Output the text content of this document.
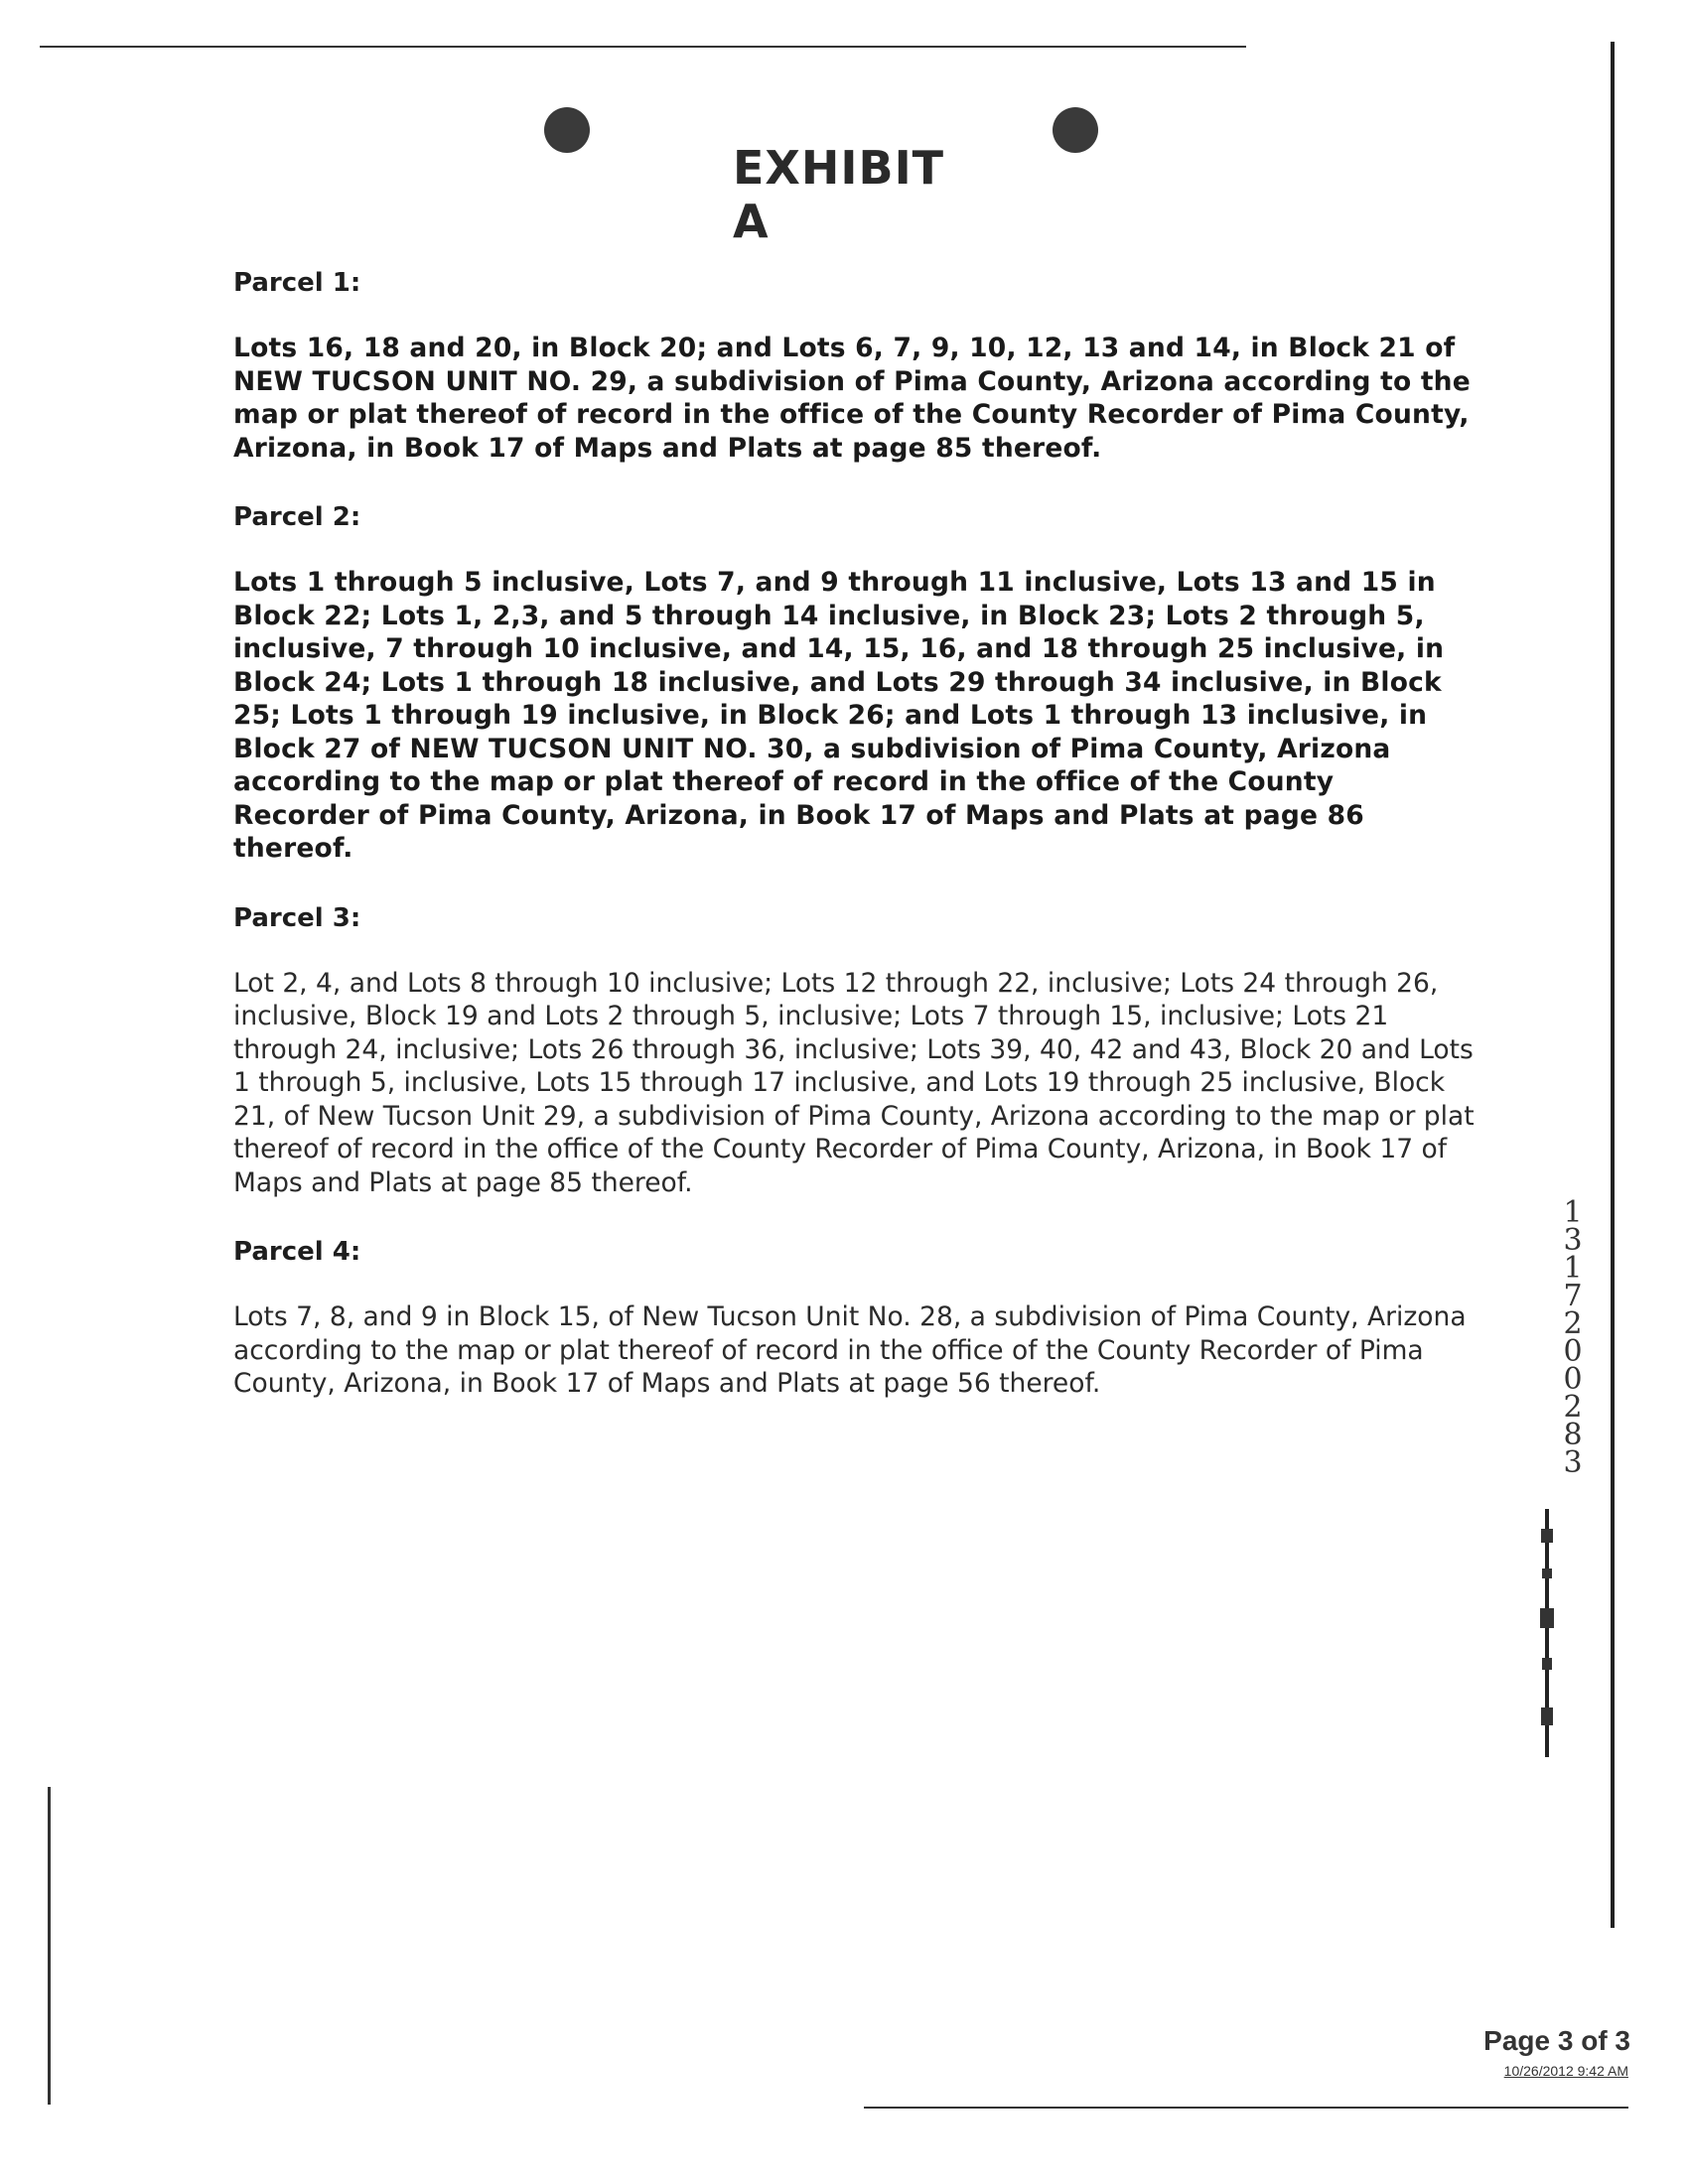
EXHIBIT A
Parcel 1:
Lots 16, 18 and 20, in Block 20; and Lots 6, 7, 9, 10, 12, 13 and 14, in Block 21 of NEW TUCSON UNIT NO. 29, a subdivision of Pima County, Arizona according to the map or plat thereof of record in the office of the County Recorder of Pima County, Arizona, in Book 17 of Maps and Plats at page 85 thereof.
Parcel 2:
Lots 1 through 5 inclusive, Lots 7, and 9 through 11 inclusive, Lots 13 and 15 in Block 22; Lots 1, 2,3, and 5 through 14 inclusive, in Block 23; Lots 2 through 5, inclusive, 7 through 10 inclusive, and 14, 15, 16, and 18 through 25 inclusive, in Block 24; Lots 1 through 18 inclusive, and Lots 29 through 34 inclusive, in Block 25; Lots 1 through 19 inclusive, in Block 26; and Lots 1 through 13 inclusive, in Block 27 of NEW TUCSON UNIT NO. 30, a subdivision of Pima County, Arizona according to the map or plat thereof of record in the office of the County Recorder of Pima County, Arizona, in Book 17 of Maps and Plats at page 86 thereof.
Parcel 3:
Lot 2, 4, and Lots 8 through 10 inclusive; Lots 12 through 22, inclusive; Lots 24 through 26, inclusive, Block 19 and Lots 2 through 5, inclusive; Lots 7 through 15, inclusive; Lots 21 through 24, inclusive; Lots 26 through 36, inclusive; Lots 39, 40, 42 and 43, Block 20 and Lots 1 through 5, inclusive, Lots 15 through 17 inclusive, and Lots 19 through 25 inclusive, Block 21, of New Tucson Unit 29, a subdivision of Pima County, Arizona according to the map or plat thereof of record in the office of the County Recorder of Pima County, Arizona, in Book 17 of Maps and Plats at page 85 thereof.
Parcel 4:
Lots 7, 8, and 9 in Block 15, of New Tucson Unit No. 28, a subdivision of Pima County, Arizona according to the map or plat thereof of record in the office of the County Recorder of Pima County, Arizona, in Book 17 of Maps and Plats at page 56 thereof.
13172 00283
Page 3 of 3
10/26/2012 9:42 AM
